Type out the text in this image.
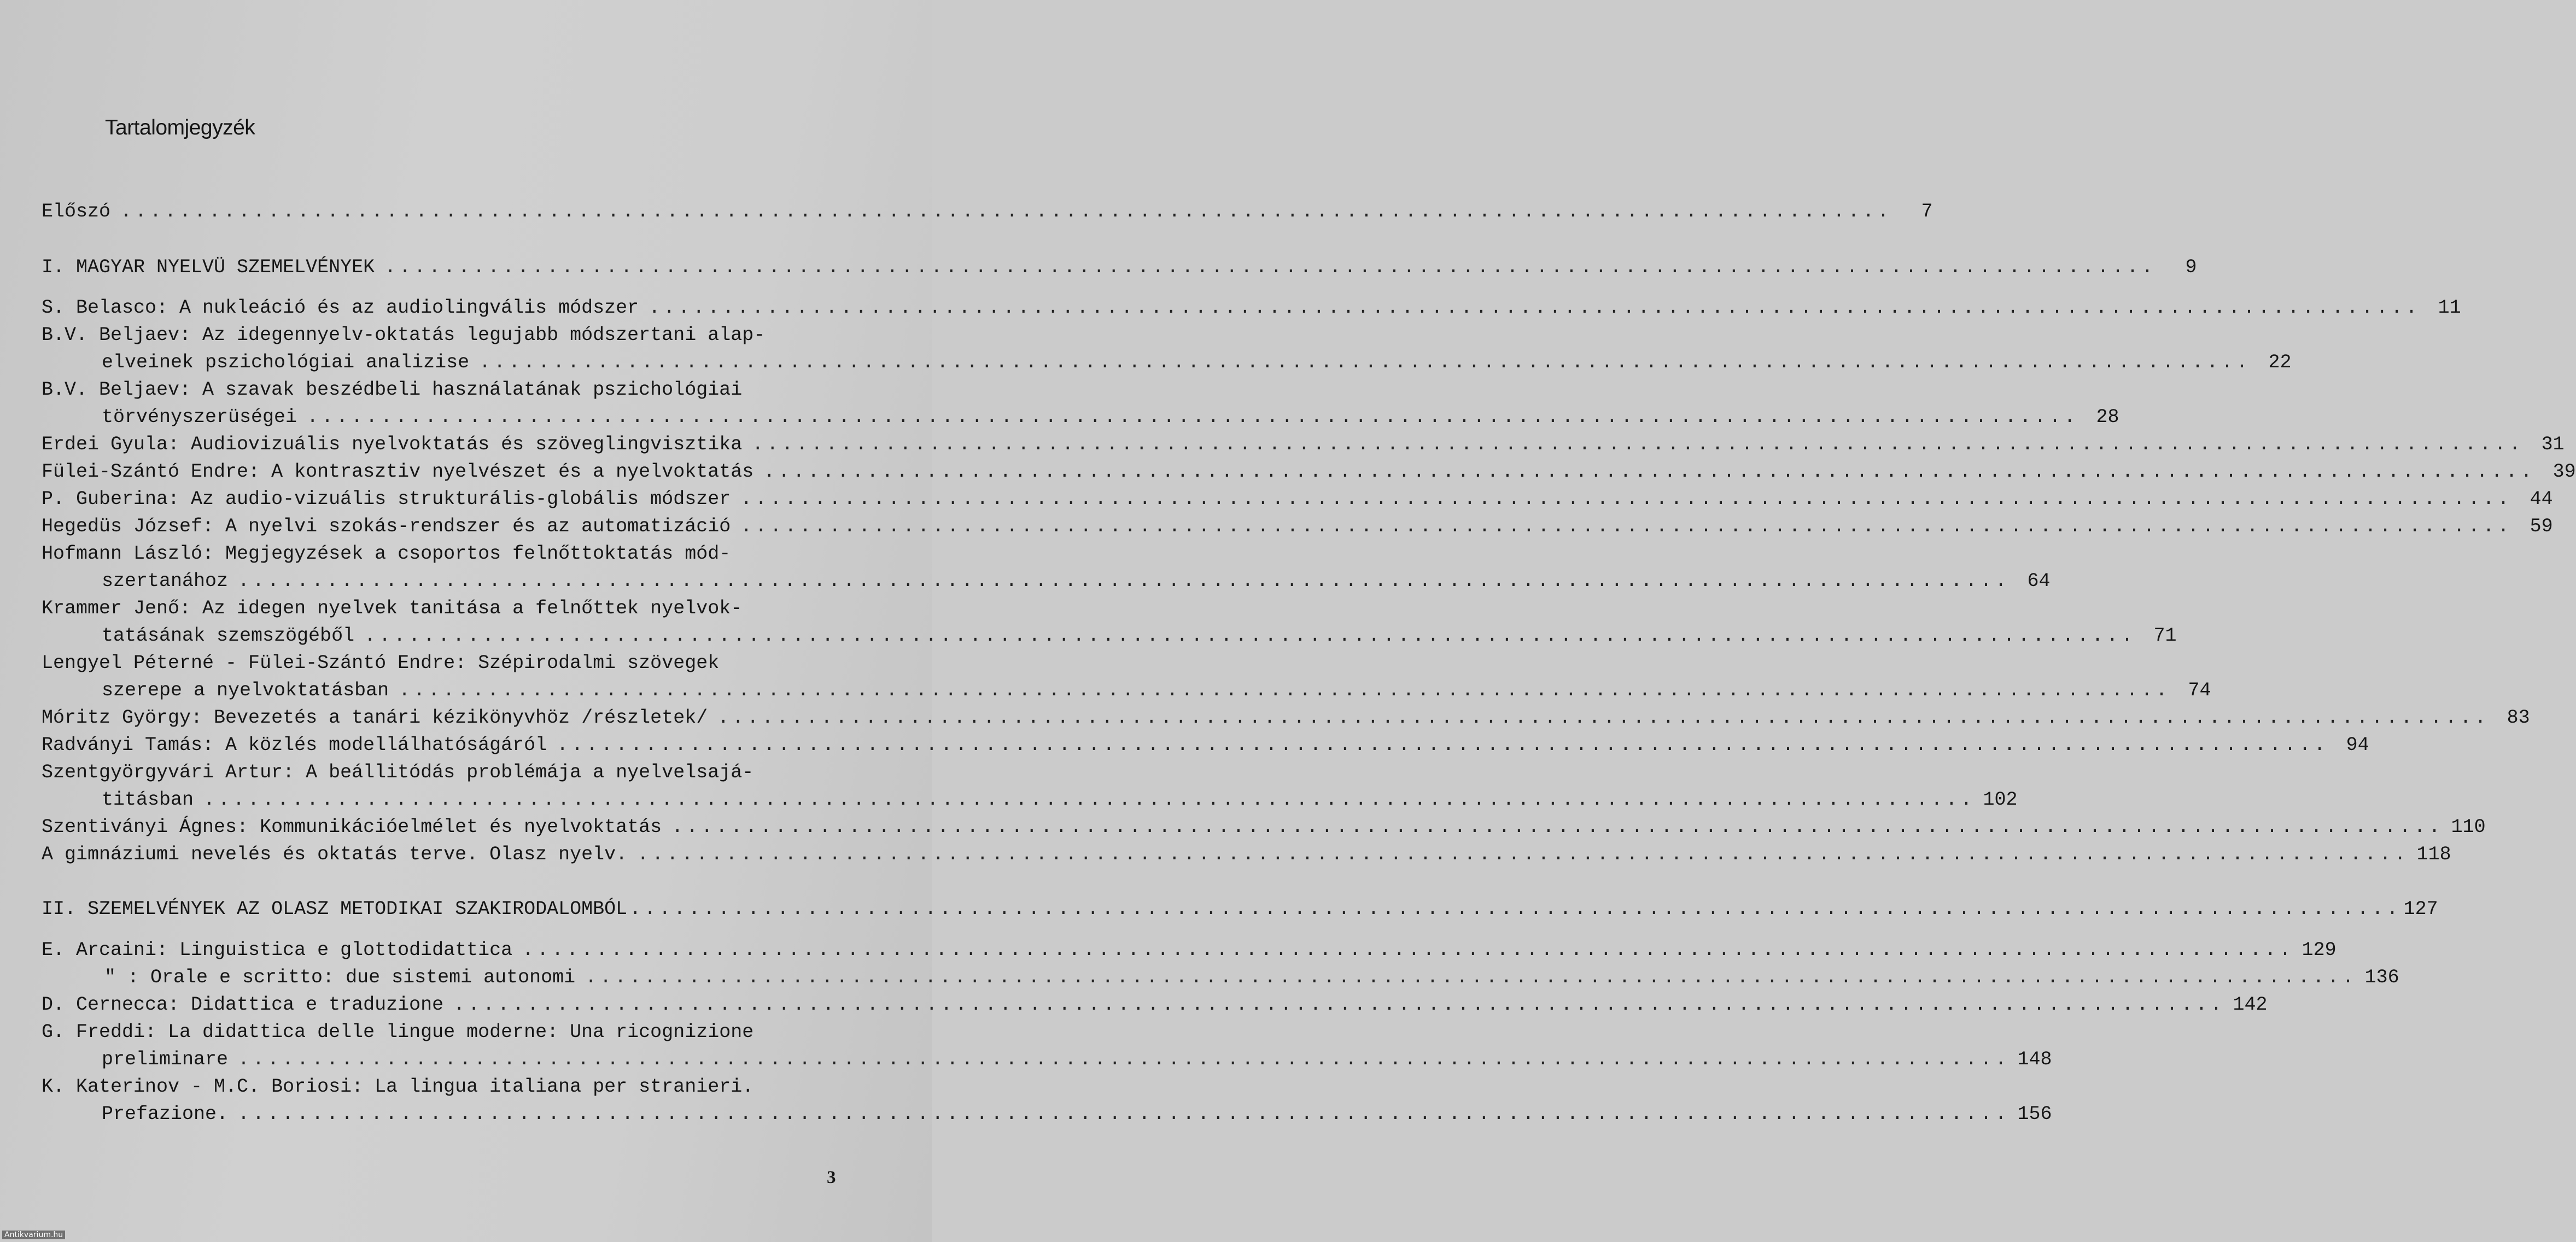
Tartalomjegyzék
Előszó ........................................................................................................................	7
I. MAGYAR NYELVÜ SZEMELVÉNYEK ........................................................................................................................	9
S. Belasco: A nukleáció és az audiolingvális módszer ........................................................................................................................ 11
B.V. Beljaev: Az idegennyelv-oktatás legujabb módszertani alap-
elveinek pszichológiai analizise ........................................................................................................................ 22
B.V. Beljaev: A szavak beszédbeli használatának pszichológiai
törvényszerüségei ........................................................................................................................ 28
Erdei Gyula: Audiovizuális nyelvoktatás és szöveglingvisztika ........................................................................................................................ 31
Fülei-Szántó Endre: A kontrasztiv nyelvészet és a nyelvoktatás ........................................................................................................................ 39
P. Guberina: Az audio-vizuális strukturális-globális módszer ........................................................................................................................ 44
Hegedüs József: A nyelvi szokás-rendszer és az automatizáció ........................................................................................................................ 59
Hofmann László: Megjegyzések a csoportos felnőttoktatás mód-
szertanához ........................................................................................................................ 64
Krammer Jenő: Az idegen nyelvek tanitása a felnőttek nyelvok-
tatásának szemszögéből ........................................................................................................................ 71
Lengyel Péterné - Fülei-Szántó Endre: Szépirodalmi szövegek
szerepe a nyelvoktatásban ........................................................................................................................ 74
Móritz György: Bevezetés a tanári kézikönyvhöz /részletek/ ........................................................................................................................ 83
Radványi Tamás: A közlés modellálhatóságáról ........................................................................................................................ 94
Szentgyörgyvári Artur: A beállitódás problémája a nyelvelsajá-
titásban ........................................................................................................................ 102
Szentiványi Ágnes: Kommunikációelmélet és nyelvoktatás ........................................................................................................................ 110
A gimnáziumi nevelés és oktatás terve. Olasz nyelv. ........................................................................................................................ 118
II. SZEMELVÉNYEK AZ OLASZ METODIKAI SZAKIRODALOMBÓL ........................................................................................................................ 127
E. Arcaini: Linguistica e glottodidattica ........................................................................................................................ 129
" : Orale e scritto: due sistemi autonomi ........................................................................................................................ 136
D. Cernecca: Didattica e traduzione ........................................................................................................................ 142
G. Freddi: La didattica delle lingue moderne: Una ricognizione
preliminare ........................................................................................................................ 148
K. Katerinov - M.C. Boriosi: La lingua italiana per stranieri.
Prefazione. ........................................................................................................................ 156
3
Antikvarium.hu
